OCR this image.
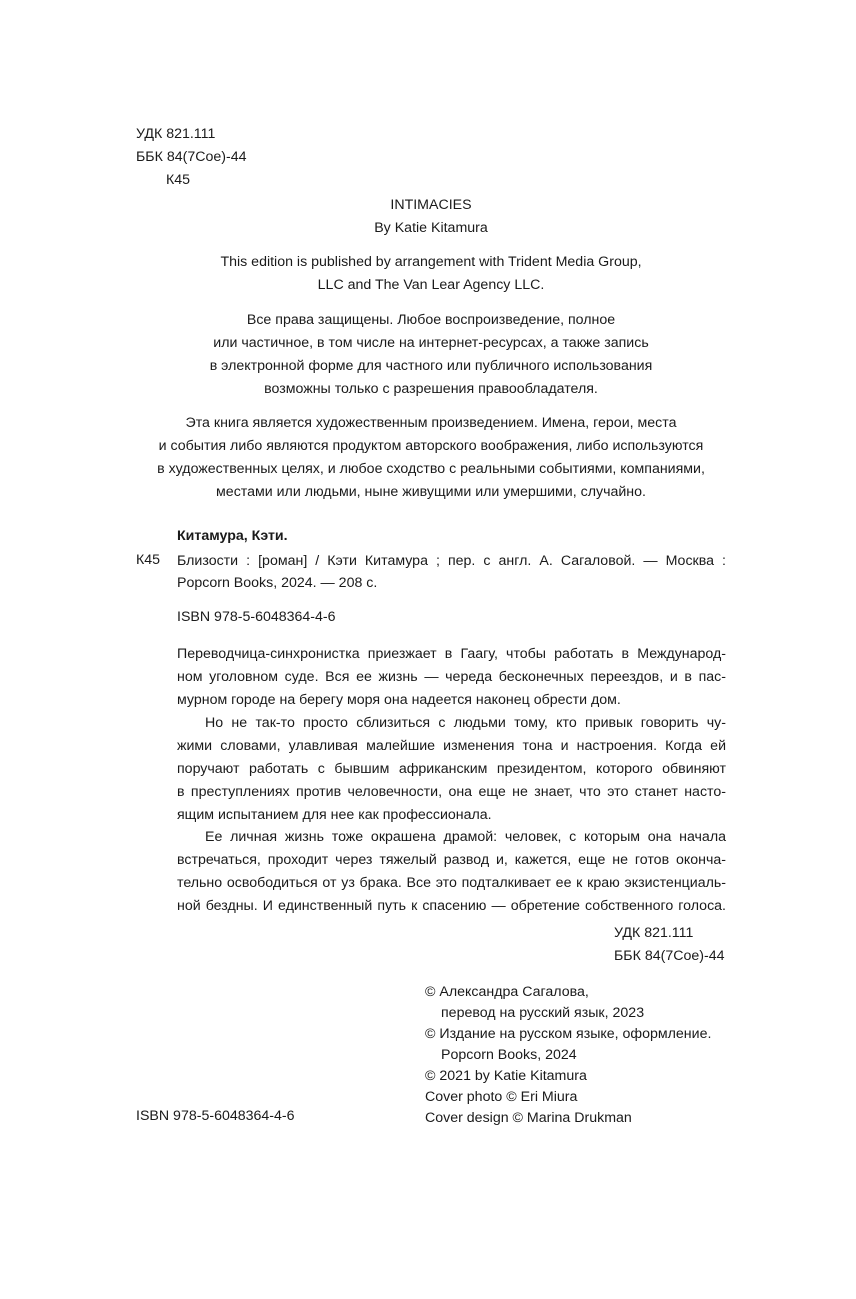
УДК 821.111
ББК 84(7Сое)-44
К45
INTIMACIES
By Katie Kitamura
This edition is published by arrangement with Trident Media Group,
LLC and The Van Lear Agency LLC.
Все права защищены. Любое воспроизведение, полное
или частичное, в том числе на интернет-ресурсах, а также запись
в электронной форме для частного или публичного использования
возможны только с разрешения правообладателя.
Эта книга является художественным произведением. Имена, герои, места
и события либо являются продуктом авторского воображения, либо используются
в художественных целях, и любое сходство с реальными событиями, компаниями,
местами или людьми, ныне живущими или умершими, случайно.
Китамура, Кэти.
К45 Близости : [роман] / Кэти Китамура ; пер. с англ. А. Сагаловой. — Москва :
Popcorn Books, 2024. — 208 с.
ISBN 978-5-6048364-4-6
Переводчица-синхронистка приезжает в Гаагу, чтобы работать в Международ-
ном уголовном суде. Вся ее жизнь — череда бесконечных переездов, и в пас-
мурном городе на берегу моря она надеется наконец обрести дом.
Но не так-то просто сблизиться с людьми тому, кто привык говорить чу-
жими словами, улавливая малейшие изменения тона и настроения. Когда ей
поручают работать с бывшим африканским президентом, которого обвиняют
в преступлениях против человечности, она еще не знает, что это станет насто-
ящим испытанием для нее как профессионала.
Ее личная жизнь тоже окрашена драмой: человек, с которым она начала
встречаться, проходит через тяжелый развод и, кажется, еще не готов оконча-
тельно освободиться от уз брака. Все это подталкивает ее к краю экзистенциаль-
ной бездны. И единственный путь к спасению — обретение собственного голоса.
УДК 821.111
ББК 84(7Сое)-44
© Александра Сагалова,
перевод на русский язык, 2023
© Издание на русском языке, оформление.
Popcorn Books, 2024
© 2021 by Katie Kitamura
Cover photo © Eri Miura
Cover design © Marina Drukman
ISBN 978-5-6048364-4-6
